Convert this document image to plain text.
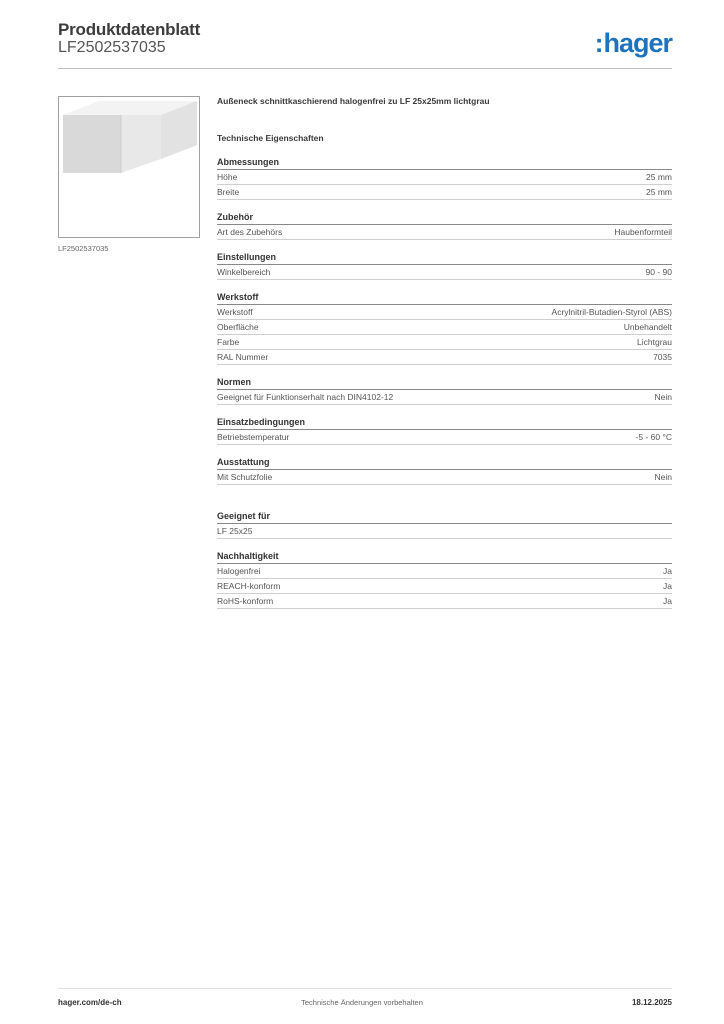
Produktdatenblatt
LF2502537035	:hager
LF2502537035
Außeneck schnittkaschierend halogenfrei zu LF 25x25mm lichtgrau
Technische Eigenschaften
Abmessungen
Höhe	25 mm
Breite	25 mm
Zubehör
Art des Zubehörs	Haubenformteil
Einstellungen
Winkelbereich	90 - 90
Werkstoff
Werkstoff	Acrylnitril-Butadien-Styrol (ABS)
Oberfläche	Unbehandelt
Farbe	Lichtgrau
RAL Nummer	7035
Normen
Geeignet für Funktionserhalt nach DIN4102-12	Nein
Einsatzbedingungen
Betriebstemperatur	-5 - 60 °C
Ausstattung
Mit Schutzfolie	Nein
Geeignet für
LF 25x25
Nachhaltigkeit
Halogenfrei	Ja
REACH-konform	Ja
RoHS-konform	Ja
hager.com/de-ch	Technische Änderungen vorbehalten	18.12.2025
